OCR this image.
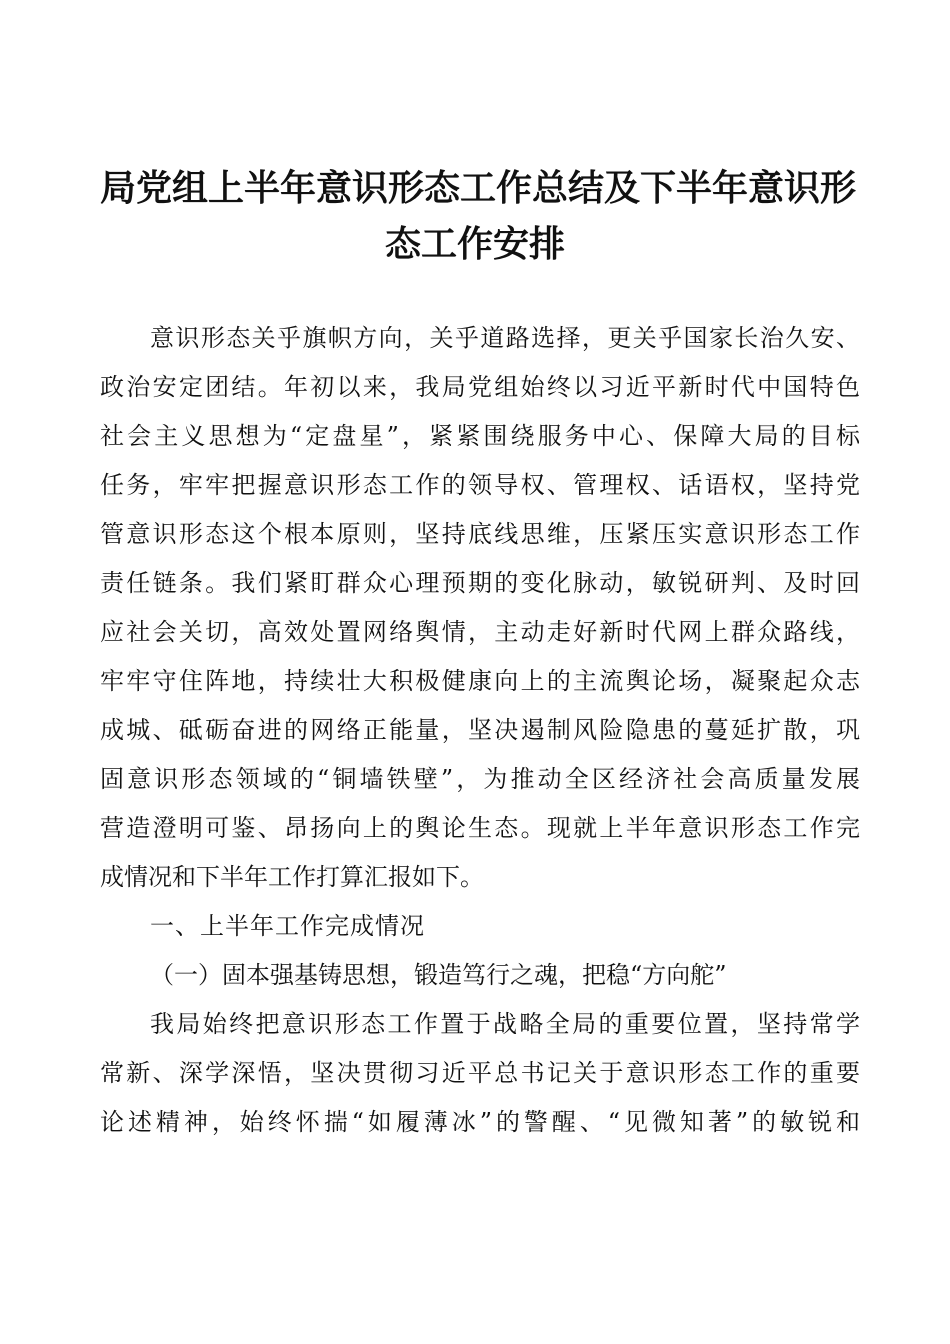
局党组上半年意识形态工作总结及下半年意识形
态工作安排
意识形态关乎旗帜方向，关乎道路选择，更关乎国家长治久安、
政治安定团结。年初以来，我局党组始终以习近平新时代中国特色
社会主义思想为“定盘星”，紧紧围绕服务中心、保障大局的目标
任务，牢牢把握意识形态工作的领导权、管理权、话语权，坚持党
管意识形态这个根本原则，坚持底线思维，压紧压实意识形态工作
责任链条。我们紧盯群众心理预期的变化脉动，敏锐研判、及时回
应社会关切，高效处置网络舆情，主动走好新时代网上群众路线，
牢牢守住阵地，持续壮大积极健康向上的主流舆论场，凝聚起众志
成城、砥砺奋进的网络正能量，坚决遏制风险隐患的蔓延扩散，巩
固意识形态领域的“铜墙铁壁”，为推动全区经济社会高质量发展
营造澄明可鉴、昂扬向上的舆论生态。现就上半年意识形态工作完
成情况和下半年工作打算汇报如下。
一、上半年工作完成情况
（一）固本强基铸思想，锻造笃行之魂，把稳“方向舵”
我局始终把意识形态工作置于战略全局的重要位置，坚持常学
常新、深学深悟，坚决贯彻习近平总书记关于意识形态工作的重要
论述精神，始终怀揣“如履薄冰”的警醒、“见微知著”的敏锐和
